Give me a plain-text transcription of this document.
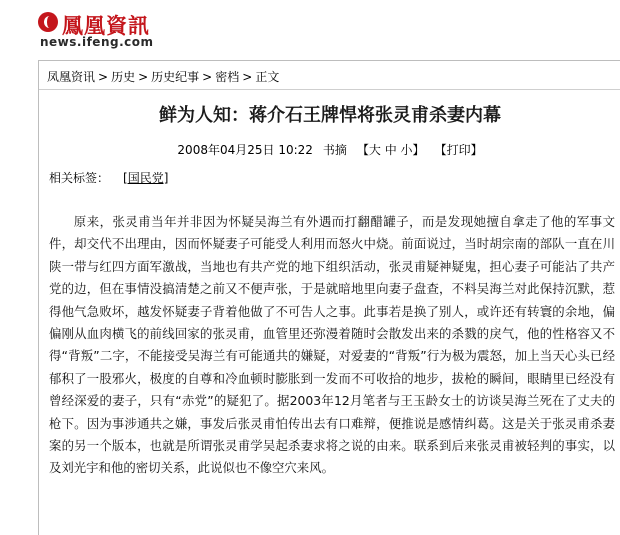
鳳凰資訊
news.ifeng.com
凤凰资讯 > 历史 > 历史纪事 > 密档 > 正文
鲜为人知：蒋介石王牌悍将张灵甫杀妻内幕
2008年04月25日 10:22 书摘 【大 中 小】 【打印】
相关标签： [国民党]

原来，张灵甫当年并非因为怀疑吴海兰有外遇而打翻醋罐子，而是发现她擅自拿走了他的军事文件，却交代不出理由，因而怀疑妻子可能受人利用而怒火中烧。前面说过，当时胡宗南的部队一直在川陕一带与红四方面军激战，当地也有共产党的地下组织活动，张灵甫疑神疑鬼，担心妻子可能沾了共产党的边，但在事情没搞清楚之前又不便声张，于是就暗地里向妻子盘查，不料吴海兰对此保持沉默，惹得他气急败坏，越发怀疑妻子背着他做了不可告人之事。此事若是换了别人，或许还有转寰的余地，偏偏刚从血肉横飞的前线回家的张灵甫，血管里还弥漫着随时会散发出来的杀戮的戾气，他的性格容又不得“背叛”二字，不能接受吴海兰有可能通共的嫌疑，对爱妻的“背叛”行为极为震怒，加上当天心头已经郁积了一股邪火，极度的自尊和冷血顿时膨胀到一发而不可收拾的地步，拔枪的瞬间，眼睛里已经没有曾经深爱的妻子，只有“赤党”的疑犯了。据2003年12月笔者与王玉龄女士的访谈吴海兰死在了丈夫的枪下。因为事涉通共之嫌，事发后张灵甫怕传出去有口难辩，便推说是感情纠葛。这是关于张灵甫杀妻案的另一个版本，也就是所谓张灵甫学吴起杀妻求将之说的由来。联系到后来张灵甫被轻判的事实，以及刘光宇和他的密切关系，此说似也不像空穴来风。
